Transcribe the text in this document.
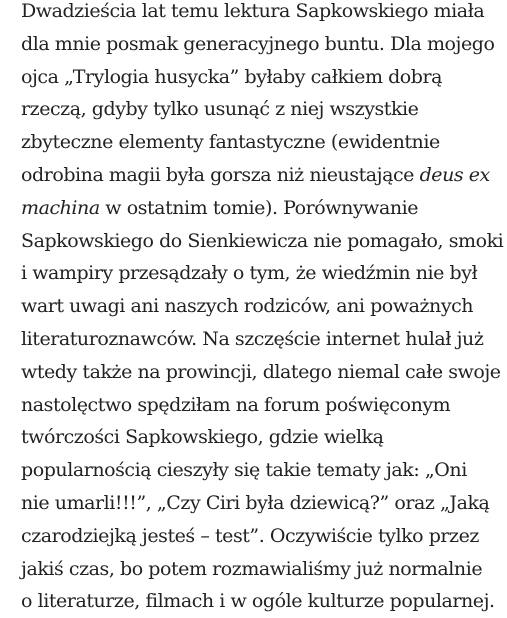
Dwadzieścia lat temu lektura Sapkowskiego miała
dla mnie posmak generacyjnego buntu. Dla mojego
ojca „Trylogia husycka” byłaby całkiem dobrą
rzeczą, gdyby tylko usunąć z niej wszystkie
zbyteczne elementy fantastyczne (ewidentnie
odrobina magii była gorsza niż nieustające deus ex
machina w ostatnim tomie). Porównywanie
Sapkowskiego do Sienkiewicza nie pomagało, smoki
i wampiry przesądzały o tym, że wiedźmin nie był
wart uwagi ani naszych rodziców, ani poważnych
literaturoznawców. Na szczęście internet hulał już
wtedy także na prowincji, dlatego niemal całe swoje
nastolęctwo spędziłam na forum poświęconym
twórczości Sapkowskiego, gdzie wielką
popularnością cieszyły się takie tematy jak: „Oni
nie umarli!!!”, „Czy Ciri była dziewicą?” oraz „Jaką
czarodziejką jesteś – test”. Oczywiście tylko przez
jakiś czas, bo potem rozmawialiśmy już normalnie
o literaturze, filmach i w ogóle kulturze popularnej.
